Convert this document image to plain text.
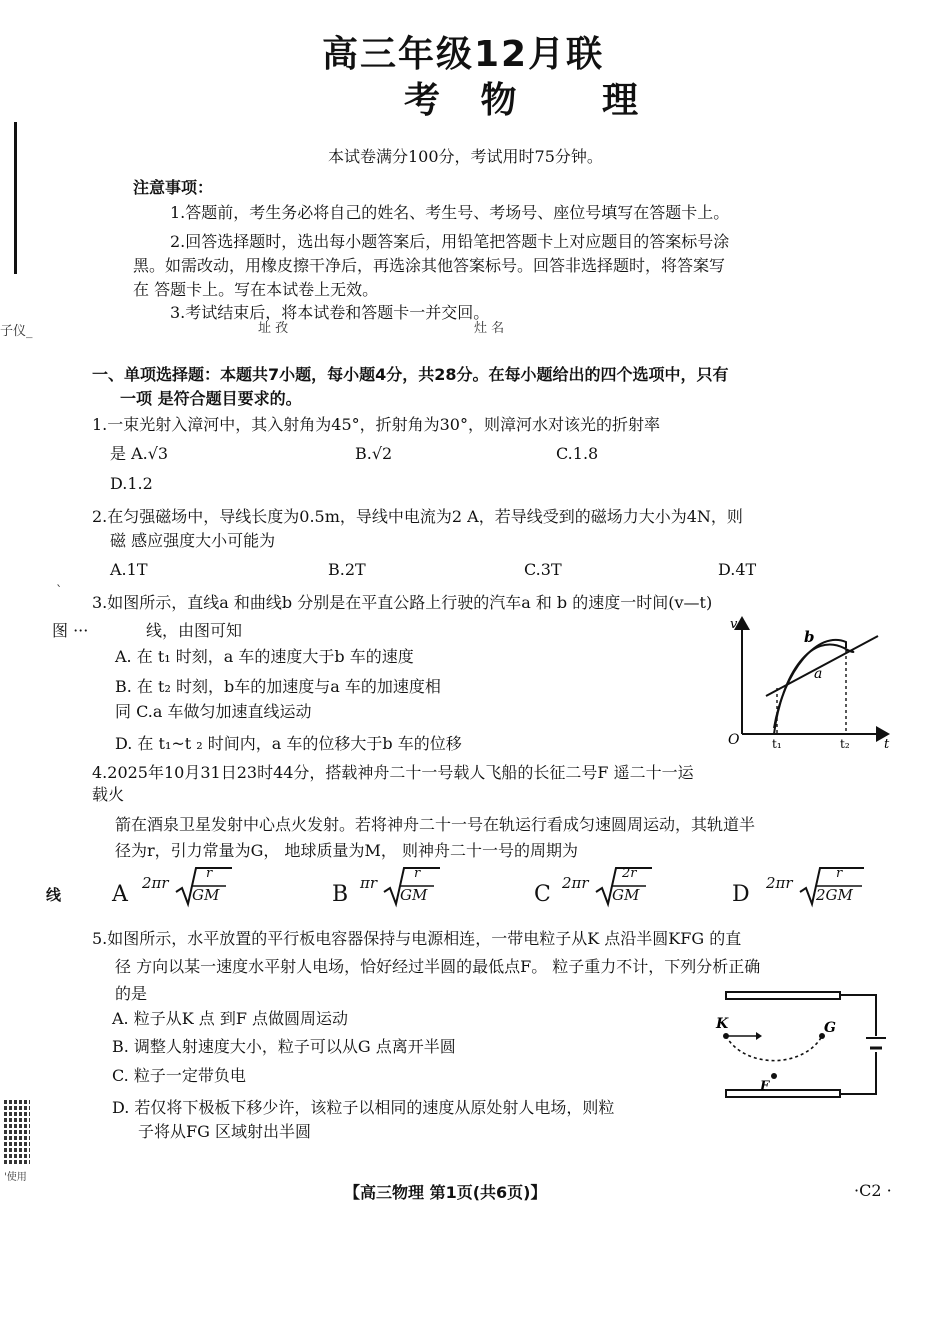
高三年级12月联
考 物 理
本试卷满分100分，考试用时75分钟。
注意事项：
1.答题前，考生务必将自己的姓名、考生号、考场号、座位号填写在答题卡上。
2.回答选择题时，选出每小题答案后，用铅笔把答题卡上对应题目的答案标号涂
黑。如需改动，用橡皮擦干净后，再选涂其他答案标号。回答非选择题时，将答案写
在 答题卡上。写在本试卷上无效。
3.考试结束后，将本试卷和答题卡一并交回。
子仪_	址 孜	灶 名
一、单项选择题：本题共7小题，每小题4分，共28分。在每小题给出的四个选项中，只有
一项 是符合题目要求的。
1.一束光射入漳河中，其入射角为45°，折射角为30°，则漳河水对该光的折射率
是 A.√3	B.√2	C.1.8
D.1.2
2.在匀强磁场中，导线长度为0.5m，导线中电流为2 A，若导线受到的磁场力大小为4N，则
磁 感应强度大小可能为
A.1T	B.2T	C.3T	D.4T
`
3.如图所示，直线a 和曲线b 分别是在平直公路上行驶的汽车a 和 b 的速度一时间(v—t)
图 ···	线，由图可知
A. 在 t₁ 时刻，a 车的速度大于b 车的速度
B. 在 t₂ 时刻，b车的加速度与a 车的加速度相
同 C.a 车做匀加速直线运动
D. 在 t₁~t ₂ 时间内，a 车的位移大于b 车的位移
v
t
O	t₁	t₂
a
b
4.2025年10月31日23时44分，搭载神舟二十一号载人飞船的长征二号F 遥二十一运
载火
箭在酒泉卫星发射中心点火发射。若将神舟二十一号在轨运行看成匀速圆周运动，其轨道半
径为r，引力常量为G， 地球质量为M， 则神舟二十一号的周期为
线 A 2πr
r
GM	B πr
r
GM	C 2πr
2r
GM	D 2πr
r
2GM
5.如图所示，水平放置的平行板电容器保持与电源相连，一带电粒子从K 点沿半圆KFG 的直
径 方向以某一速度水平射人电场，恰好经过半圆的最低点F。 粒子重力不计，下列分析正确
的是
A. 粒子从K 点 到F 点做圆周运动
B. 调整人射速度大小，粒子可以从G 点离开半圆
C. 粒子一定带负电
D. 若仅将下极板下移少许，该粒子以相同的速度从原处射人电场，则粒
子将从FG 区域射出半圆
K	G
F
'使用
【高三物理 第1页(共6页)】	·C2 ·
